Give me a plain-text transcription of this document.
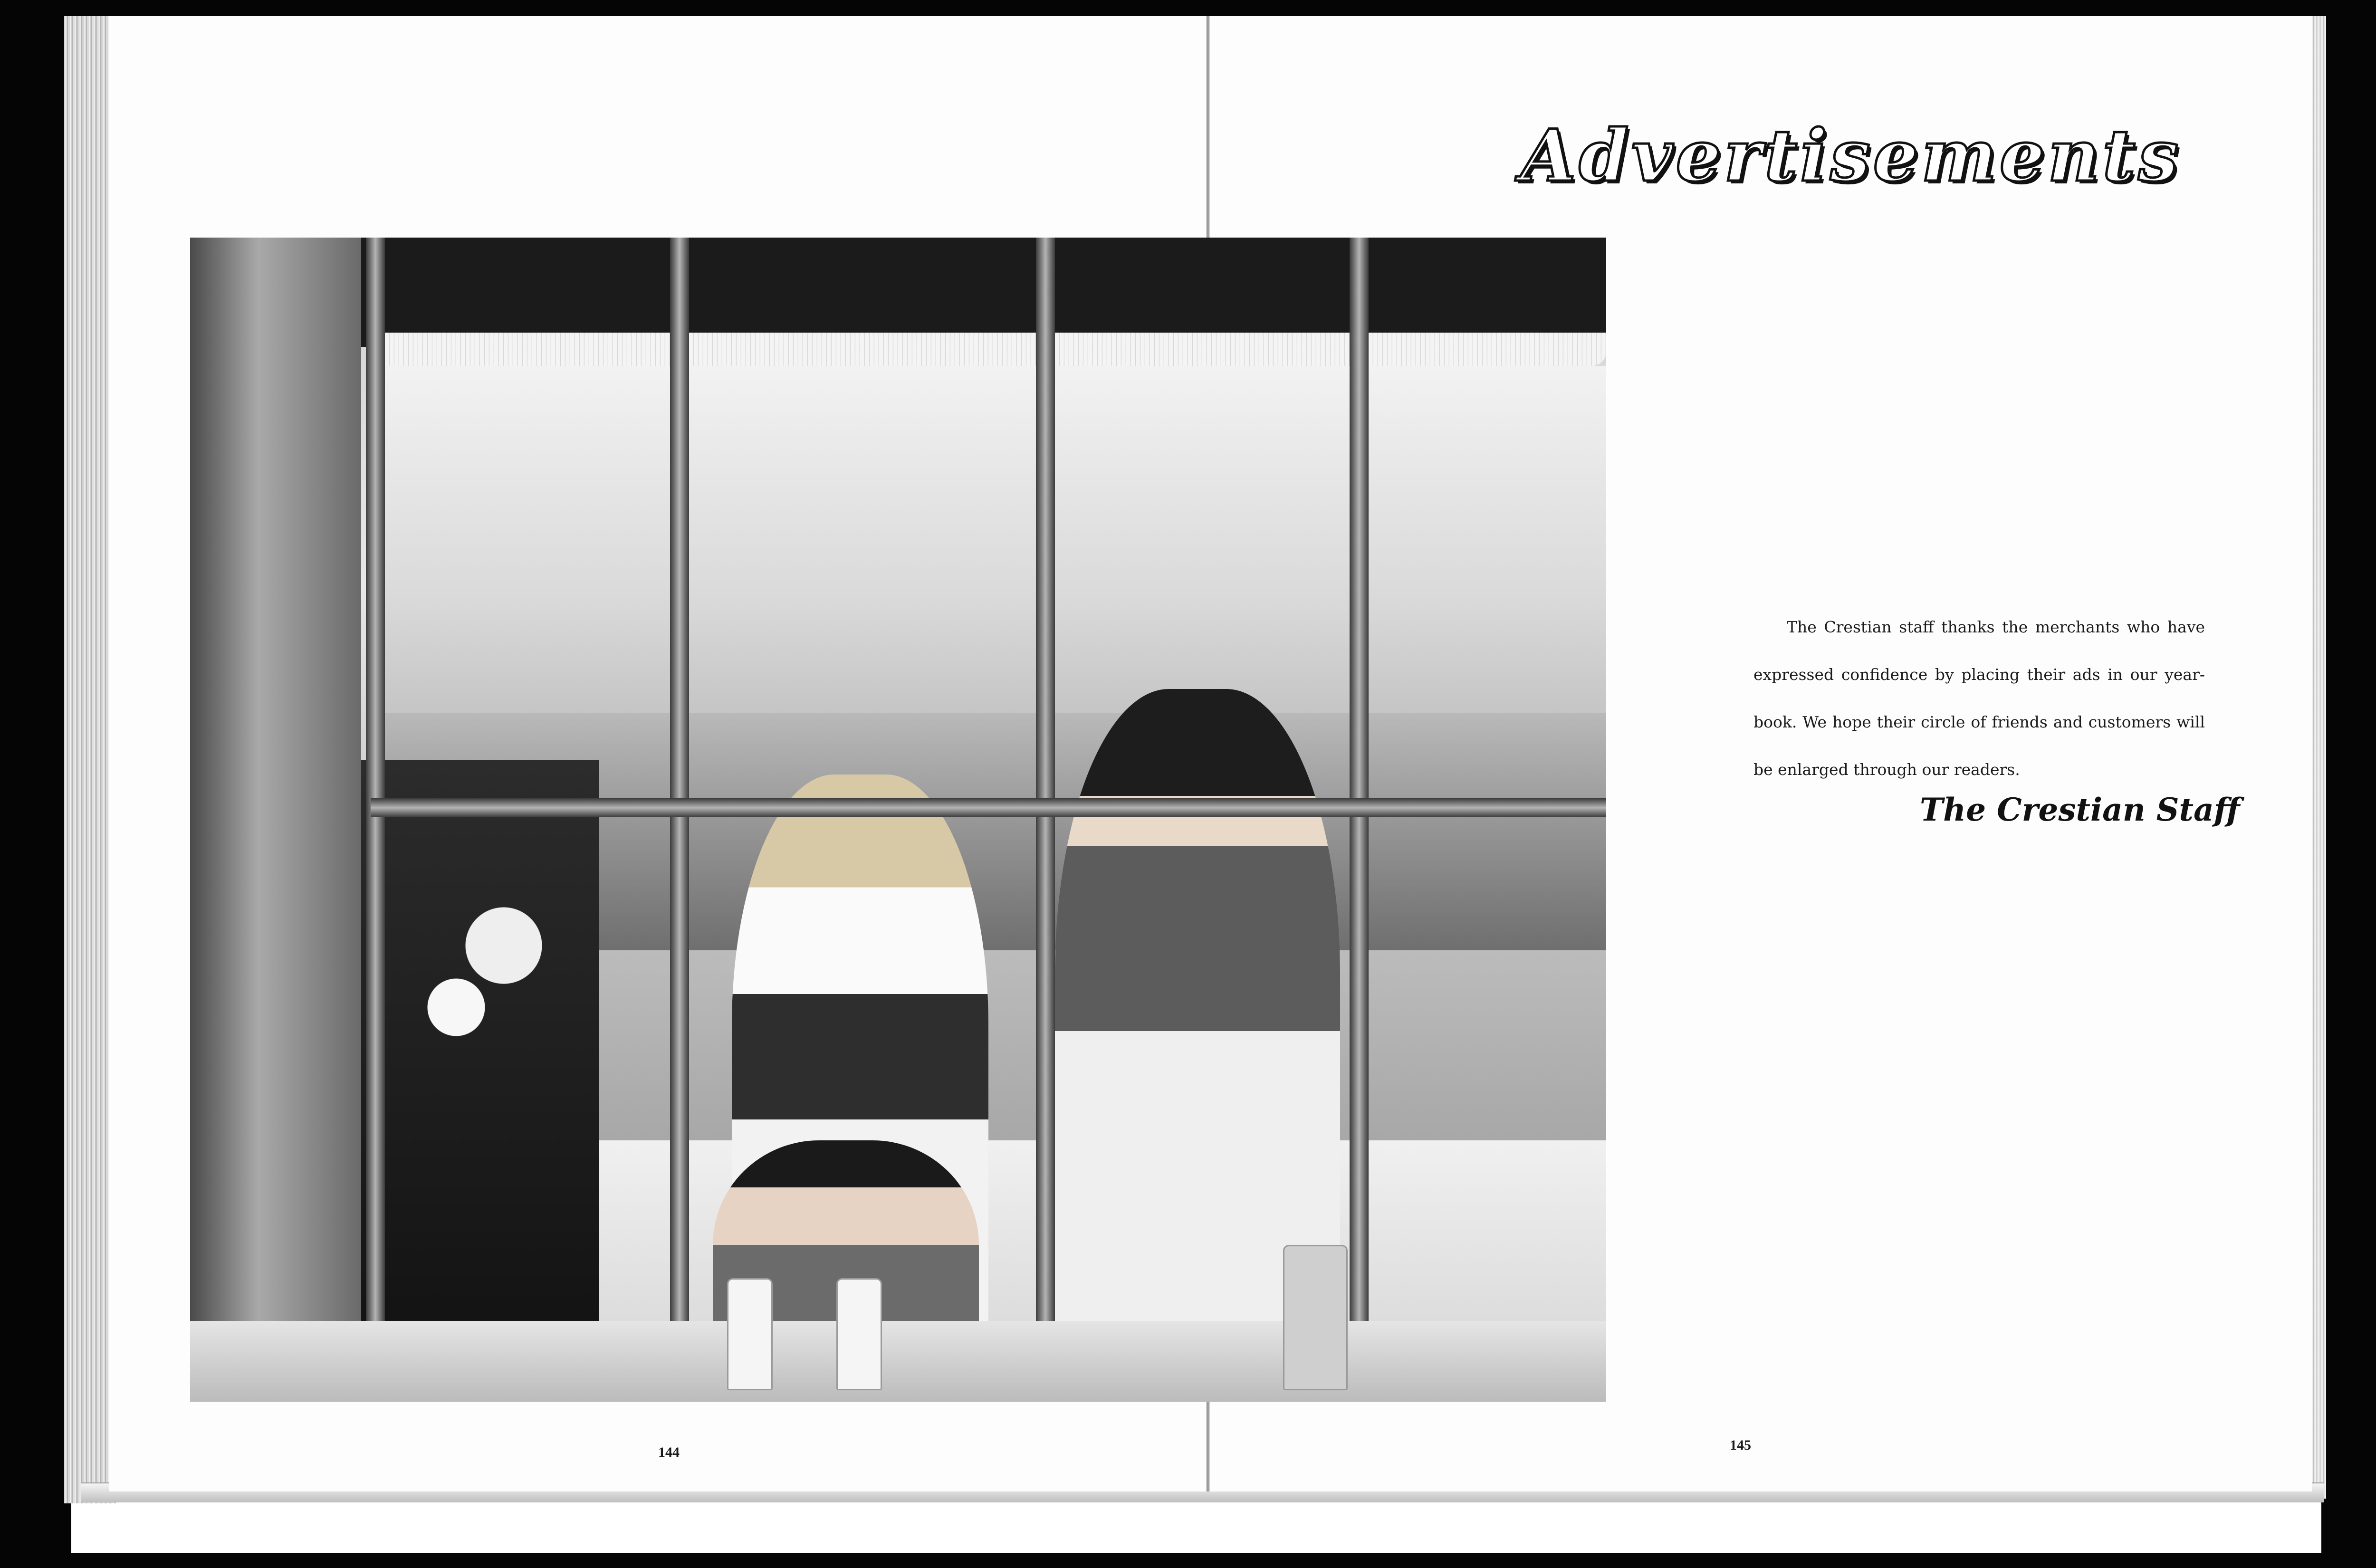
144
Advertisements

The Crestian staff thanks the merchants who have expressed confidence by placing their ads in our year-book. We hope their circle of friends and customers will be enlarged through our readers.

The Crestian Staff
145
